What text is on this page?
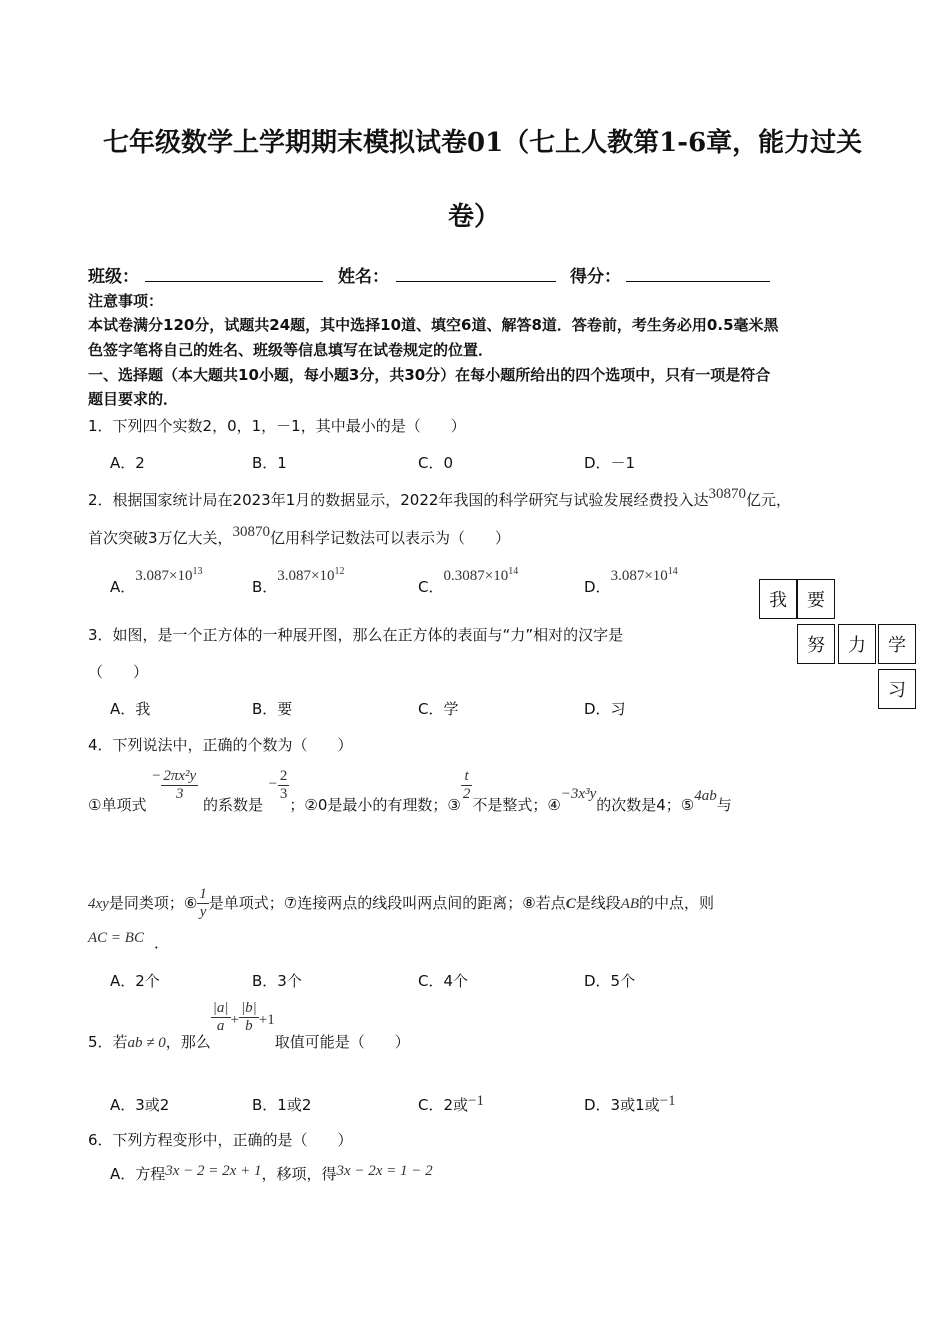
七年级数学上学期期末模拟试卷01（七上人教第1-6章，能力过关
卷）
班级：	姓名：	得分：
注意事项：
本试卷满分120分，试题共24题，其中选择10道、填空6道、解答8道．答卷前，考生务必用0.5毫米黑
色签字笔将自己的姓名、班级等信息填写在试卷规定的位置．
一、选择题（本大题共10小题，每小题3分，共30分）在每小题所给出的四个选项中，只有一项是符合
题目要求的．
1．下列四个实数2，0，1，－1，其中最小的是（　　）
A．2	B．1	C．0	D．－1
2．根据国家统计局在2023年1月的数据显示，2022年我国的科学研究与试验发展经费投入达30870亿元，
首次突破3万亿大关，30870亿用科学记数法可以表示为（　　）
A．$3.087\times 10^{13}$
B．$3.087\times 10^{12}$
C．$0.3087\times 10^{14}$
D．$3.087\times 10^{14}$
我	要
努	力	学
习
3．如图，是一个正方体的一种展开图，那么在正方体的表面与“力”相对的汉字是
（　　）
A．我	B．要	C．学	D．习
4．下列说法中，正确的个数为（　　）
①单项式 − $\frac{\text{2πx²y}}{3}$
的系数是 − $\frac{2}{3}$
；②0是最小的有理数；③
$\frac{t}{2}$
不是整式；④−3x³y的次数是4；⑤4ab与
4xy是同类项；⑥ $\frac{1}{y}$ 是单项式；⑦连接两点的线段叫两点间的距离；⑧若点C是线段AB的中点，则
AC = BC ．
A．2个	B．3个	C．4个	D．5个
5．若ab ≠ 0，那么
$\frac{|a|}{a} + \frac{|b|}{b} +1$取值可能是（　　）
A．3或2	B．1或2	C．2或−1	D．3或1或−1
6．下列方程变形中，正确的是（　　）
A．方程3x − 2 = 2x + 1，移项，得3x − 2x = 1 − 2
